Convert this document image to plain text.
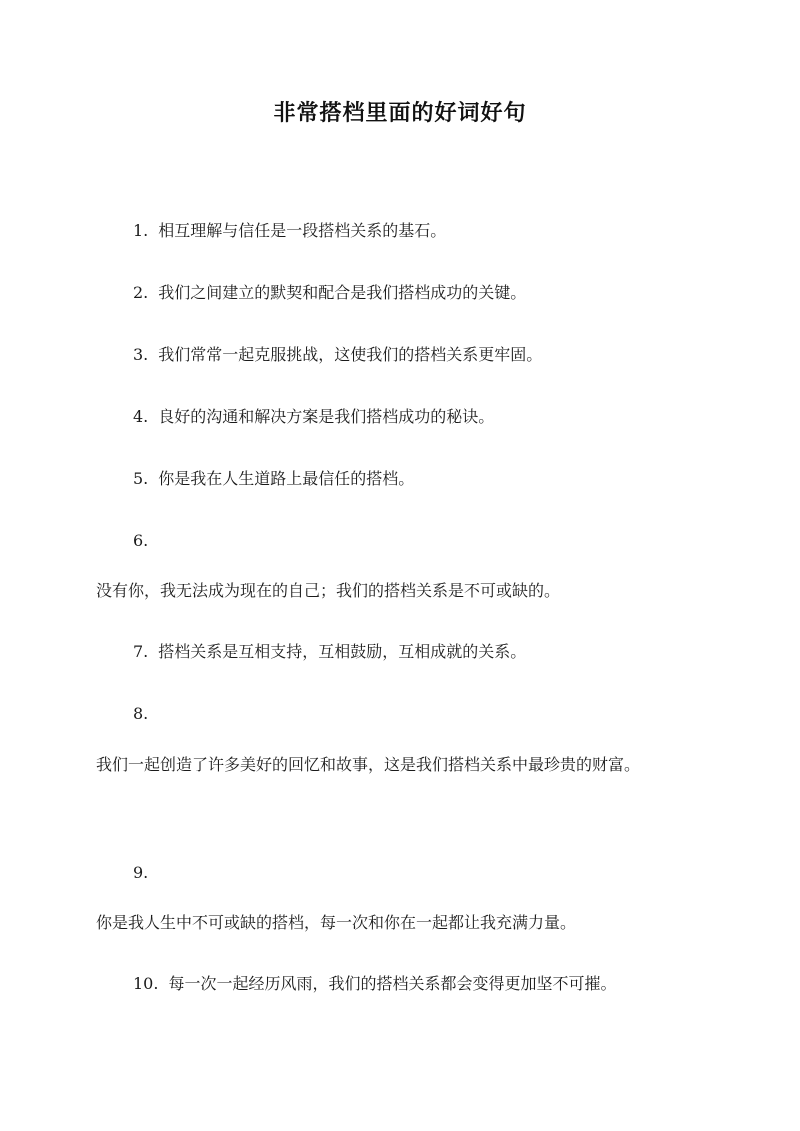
非常搭档里面的好词好句
1. 相互理解与信任是一段搭档关系的基石。
2. 我们之间建立的默契和配合是我们搭档成功的关键。
3. 我们常常一起克服挑战，这使我们的搭档关系更牢固。
4. 良好的沟通和解决方案是我们搭档成功的秘诀。
5. 你是我在人生道路上最信任的搭档。
6.
没有你，我无法成为现在的自己；我们的搭档关系是不可或缺的。
7. 搭档关系是互相支持，互相鼓励，互相成就的关系。
8.
我们一起创造了许多美好的回忆和故事，这是我们搭档关系中最珍贵的财富。
9.
你是我人生中不可或缺的搭档，每一次和你在一起都让我充满力量。
10. 每一次一起经历风雨，我们的搭档关系都会变得更加坚不可摧。
